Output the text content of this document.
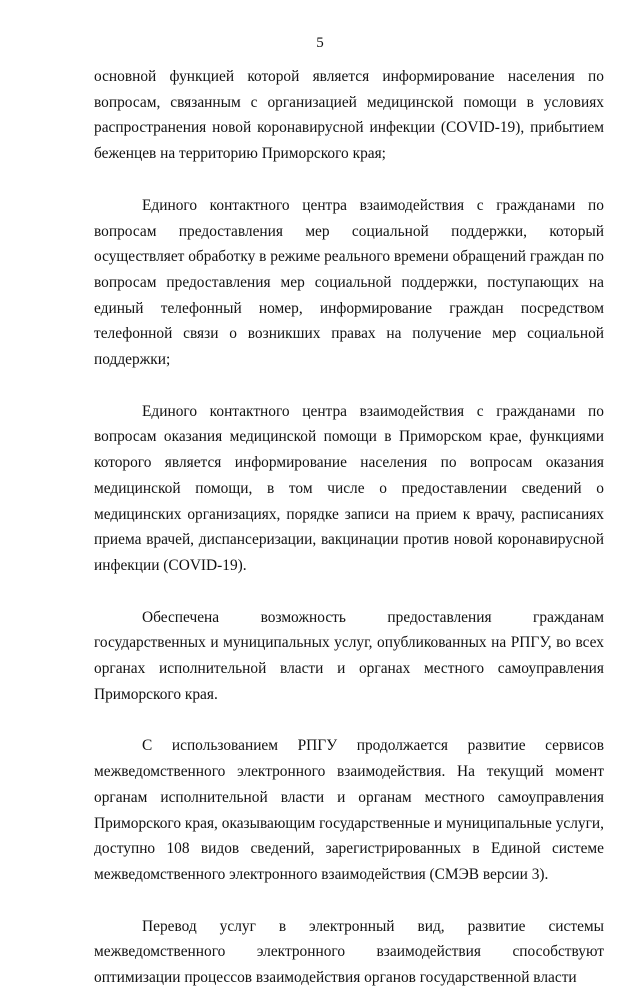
5

основной функцией которой является информирование населения по вопросам, связанным с организацией медицинской помощи в условиях распространения новой коронавирусной инфекции (COVID-19), прибытием беженцев на территорию Приморского края;

Единого контактного центра взаимодействия с гражданами по вопросам предоставления мер социальной поддержки, который осуществляет обработку в режиме реального времени обращений граждан по вопросам предоставления мер социальной поддержки, поступающих на единый телефонный номер, информирование граждан посредством телефонной связи о возникших правах на получение мер социальной поддержки;

Единого контактного центра взаимодействия с гражданами по вопросам оказания медицинской помощи в Приморском крае, функциями которого является информирование населения по вопросам оказания медицинской помощи, в том числе о предоставлении сведений о медицинских организациях, порядке записи на прием к врачу, расписаниях приема врачей, диспансеризации, вакцинации против новой коронавирусной инфекции (COVID-19).

Обеспечена возможность предоставления гражданам государственных и муниципальных услуг, опубликованных на РПГУ, во всех органах исполнительной власти и органах местного самоуправления Приморского края.

С использованием РПГУ продолжается развитие сервисов межведомственного электронного взаимодействия. На текущий момент органам исполнительной власти и органам местного самоуправления Приморского края, оказывающим государственные и муниципальные услуги, доступно 108 видов сведений, зарегистрированных в Единой системе межведомственного электронного взаимодействия (СМЭВ версии 3).

Перевод услуг в электронный вид, развитие системы межведомственного электронного взаимодействия способствуют оптимизации процессов взаимодействия органов государственной власти
